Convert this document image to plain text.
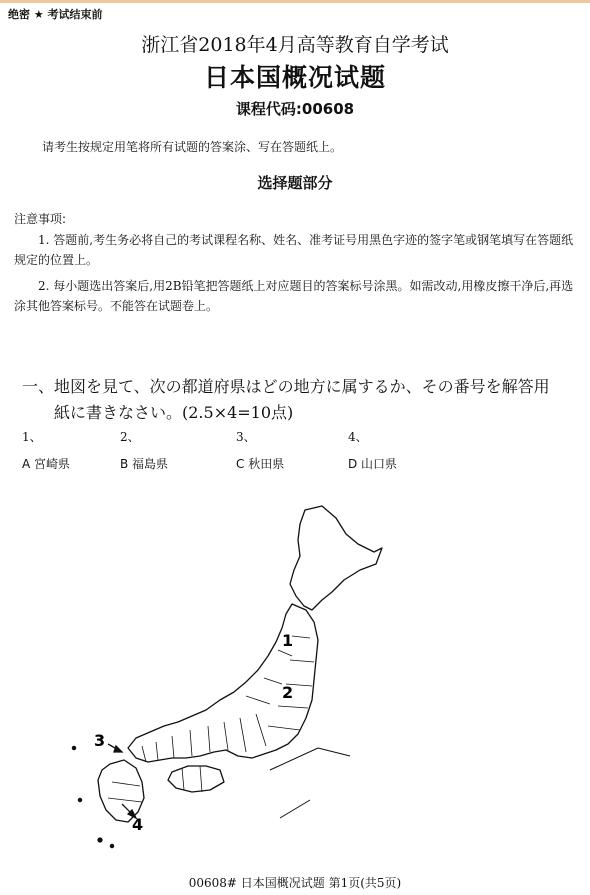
绝密 ★ 考试结束前
浙江省2018年4月高等教育自学考试
日本国概况试题
课程代码:00608
请考生按规定用笔将所有试题的答案涂、写在答题纸上。
选择题部分
注意事项:
1. 答题前,考生务必将自己的考试课程名称、姓名、准考证号用黑色字迹的签字笔或钢笔填写在答题纸规定的位置上。
2. 每小题选出答案后,用2B铅笔把答题纸上对应题目的答案标号涂黑。如需改动,用橡皮擦干净后,再选涂其他答案标号。不能答在试题卷上。
一、地図を見て、次の都道府県はどの地方に属するか、その番号を解答用
紙に書きなさい。(2.5×4=10点)
1、	2、	3、	4、
A 宮崎県	B 福島県	C 秋田県	D 山口県
1
2
3
4
00608# 日本国概况试题 第1页(共5页)
